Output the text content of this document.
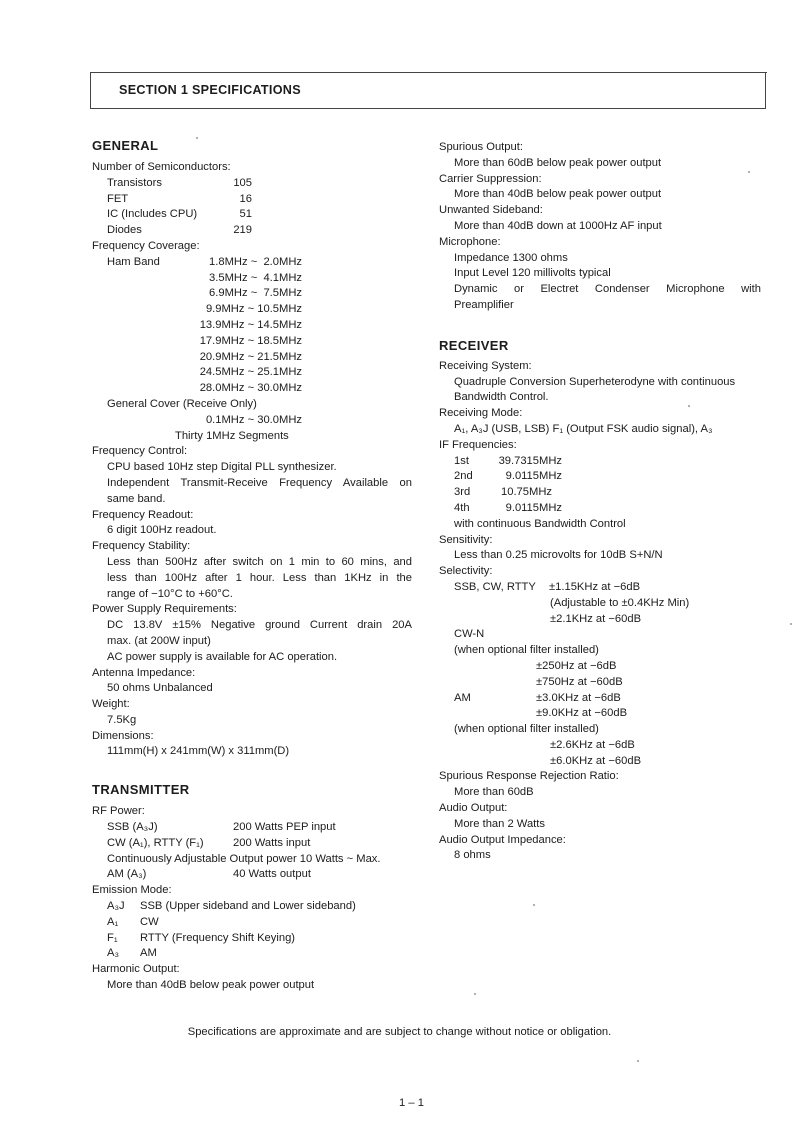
SECTION 1 SPECIFICATIONS
GENERAL
Number of Semiconductors:
Transistors	105
FET	16
IC (Includes CPU)	51
Diodes	219
Frequency Coverage:
Ham Band	1.8MHz ~  2.0MHz
3.5MHz ~  4.1MHz
6.9MHz ~  7.5MHz
9.9MHz ~ 10.5MHz
13.9MHz ~ 14.5MHz
17.9MHz ~ 18.5MHz
20.9MHz ~ 21.5MHz
24.5MHz ~ 25.1MHz
28.0MHz ~ 30.0MHz
General Cover (Receive Only)
0.1MHz ~ 30.0MHz
Thirty 1MHz Segments
Frequency Control:
CPU based 10Hz step Digital PLL synthesizer.
Independent Transmit-Receive Frequency Available on
same band.
Frequency Readout:
6 digit 100Hz readout.
Frequency Stability:
Less than 500Hz after switch on 1 min to 60 mins, and
less than 100Hz after 1 hour. Less than 1KHz in the
range of −10°C to +60°C.
Power Supply Requirements:
DC 13.8V ±15% Negative ground Current drain 20A
max. (at 200W input)
AC power supply is available for AC operation.
Antenna Impedance:
50 ohms Unbalanced
Weight:
7.5Kg
Dimensions:
111mm(H) x 241mm(W) x 311mm(D)
TRANSMITTER
RF Power:
SSB (A₃J)	200 Watts PEP input
CW (A₁), RTTY (F₁)	200 Watts input
Continuously Adjustable Output power 10 Watts ~ Max.
AM (A₃)	40 Watts output
Emission Mode:
A₃J SSB (Upper sideband and Lower sideband)
A₁ CW
F₁ RTTY (Frequency Shift Keying)
A₃ AM
Harmonic Output:
More than 40dB below peak power output
Spurious Output:
More than 60dB below peak power output
Carrier Suppression:
More than 40dB below peak power output
Unwanted Sideband:
More than 40dB down at 1000Hz AF input
Microphone:
Impedance 1300 ohms
Input Level 120 millivolts typical
Dynamic or Electret Condenser Microphone with
Preamplifier
RECEIVER
Receiving System:
Quadruple Conversion Superheterodyne with continuous
Bandwidth Control.
Receiving Mode:
A₁, A₃J (USB, LSB) F₁ (Output FSK audio signal), A₃
IF Frequencies:
1st	39.7315MHz
2nd	9.0115MHz
3rd	10.75MHz
4th	9.0115MHz
with continuous Bandwidth Control
Sensitivity:
Less than 0.25 microvolts for 10dB S+N/N
Selectivity:
SSB, CW, RTTY ±1.15KHz at −6dB
(Adjustable to ±0.4KHz Min)
±2.1KHz at −60dB
CW-N
(when optional filter installed)
±250Hz at −6dB
±750Hz at −60dB
AM	±3.0KHz at −6dB
±9.0KHz at −60dB
(when optional filter installed)
±2.6KHz at −6dB
±6.0KHz at −60dB
Spurious Response Rejection Ratio:
More than 60dB
Audio Output:
More than 2 Watts
Audio Output Impedance:
8 ohms
Specifications are approximate and are subject to change without notice or obligation.
1 – 1
